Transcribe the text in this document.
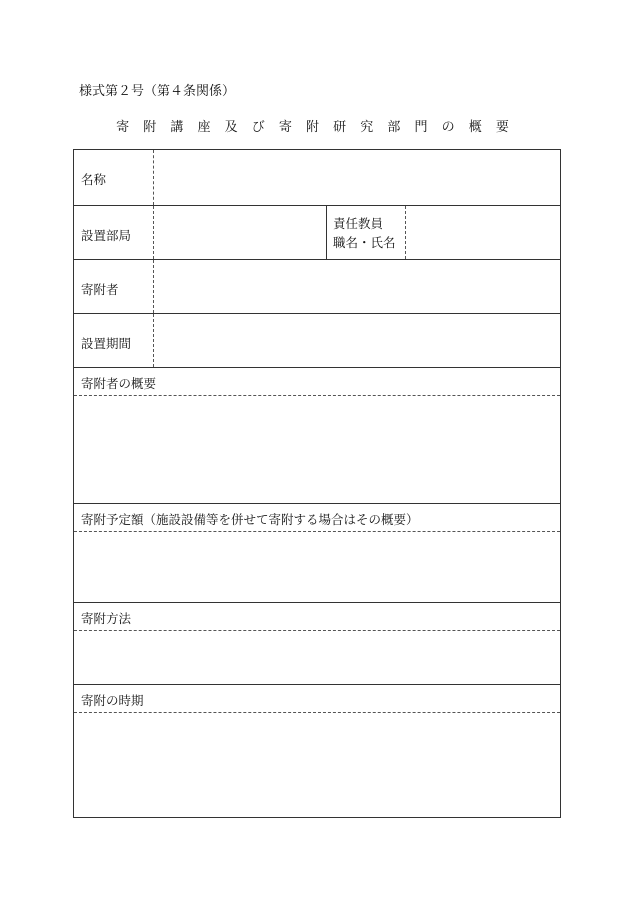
様式第２号（第４条関係）
寄 附 講 座 及 び 寄 附 研 究 部 門 の 概 要
名称
設置部局
責任教員
職名・氏名
寄附者
設置期間
寄附者の概要
寄附予定額（施設設備等を併せて寄附する場合はその概要）
寄附方法
寄附の時期
